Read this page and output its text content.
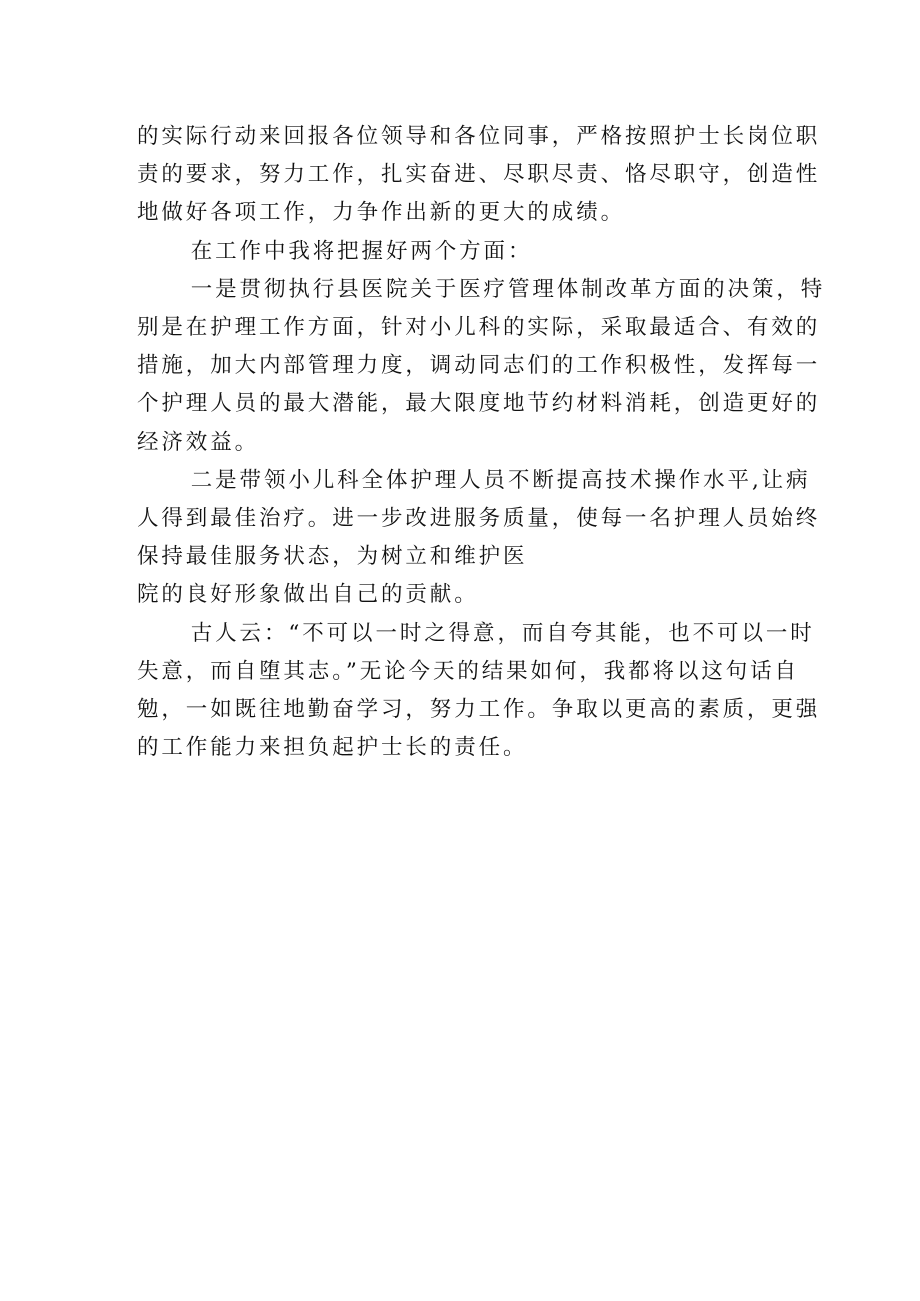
的实际行动来回报各位领导和各位同事，严格按照护士长岗位职
责的要求，努力工作，扎实奋进、尽职尽责、恪尽职守，创造性
地做好各项工作，力争作出新的更大的成绩。

在工作中我将把握好两个方面：

一是贯彻执行县医院关于医疗管理体制改革方面的决策，特
别是在护理工作方面，针对小儿科的实际，采取最适合、有效的
措施，加大内部管理力度，调动同志们的工作积极性，发挥每一
个护理人员的最大潜能，最大限度地节约材料消耗，创造更好的
经济效益。

二是带领小儿科全体护理人员不断提高技术操作水平,让病
人得到最佳治疗。进一步改进服务质量，使每一名护理人员始终
保持最佳服务状态，为树立和维护医
院的良好形象做出自己的贡献。

古人云：“不可以一时之得意，而自夸其能，也不可以一时
失意，而自堕其志。”无论今天的结果如何，我都将以这句话自
勉，一如既往地勤奋学习，努力工作。争取以更高的素质，更强
的工作能力来担负起护士长的责任。
